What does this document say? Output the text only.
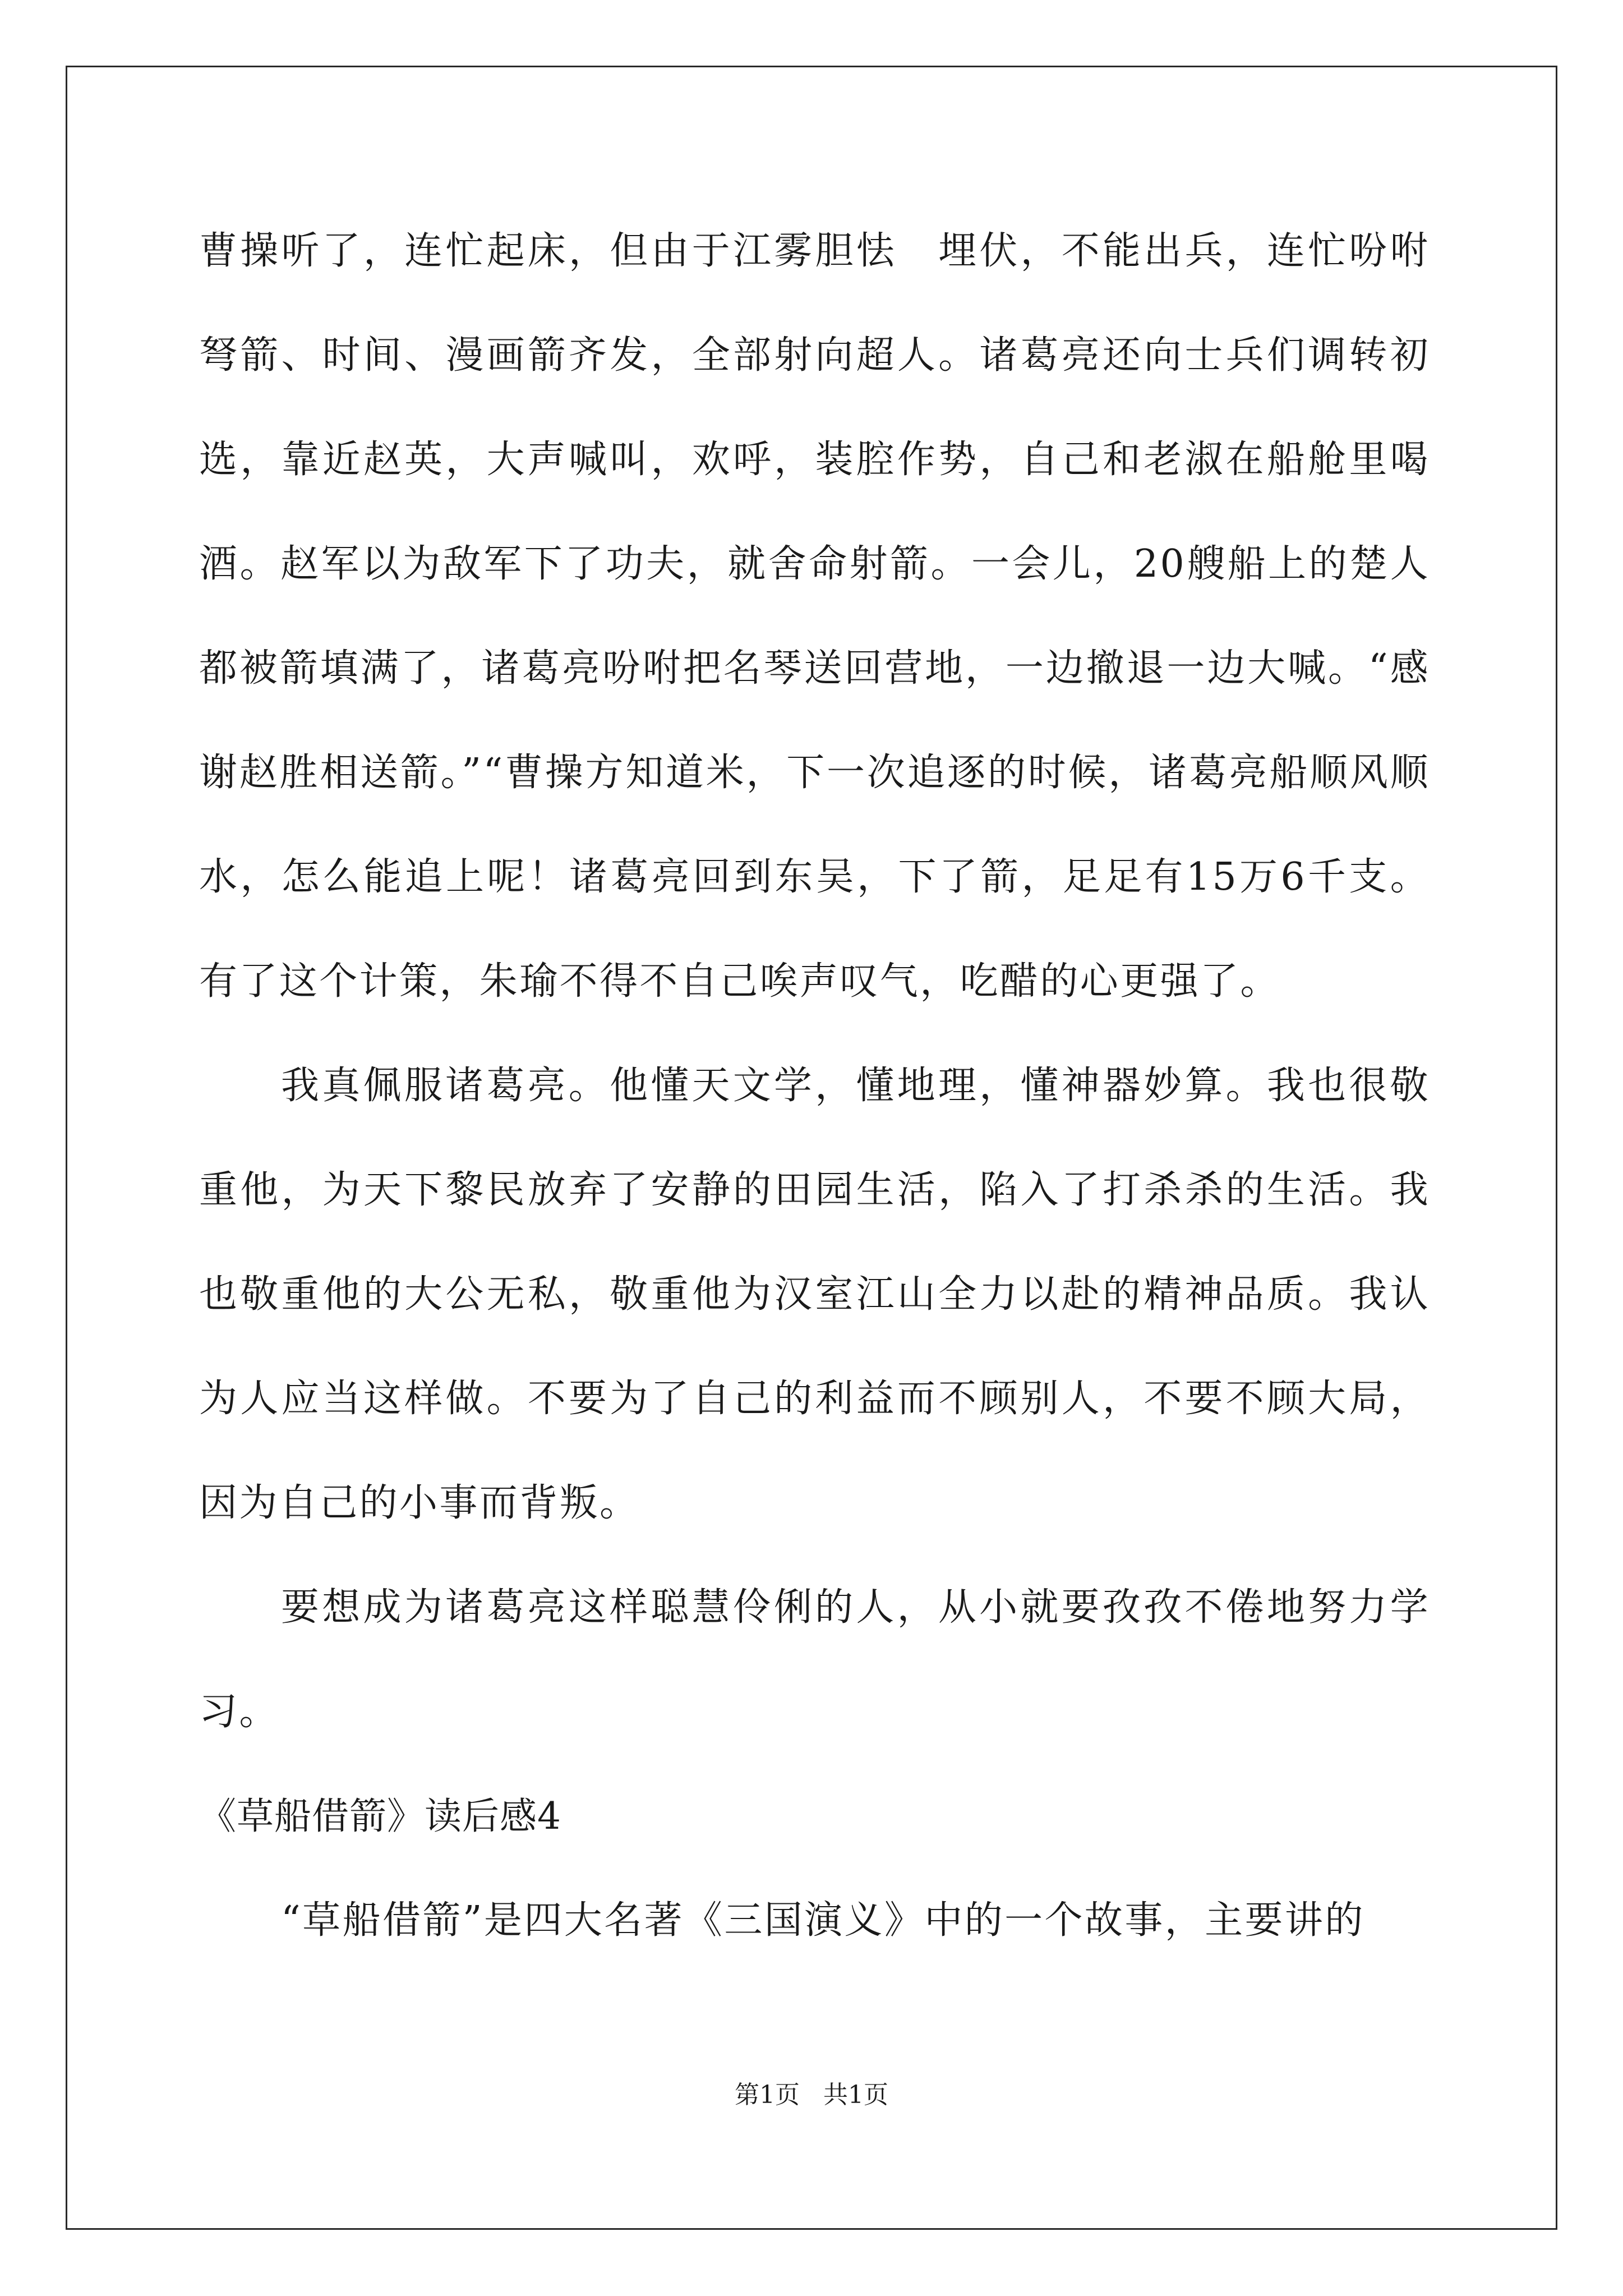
曹操听了，连忙起床，但由于江雾胆怯　埋伏，不能出兵，连忙吩咐弩箭、时间、漫画箭齐发，全部射向超人。诸葛亮还向士兵们调转初选，靠近赵英，大声喊叫，欢呼，装腔作势，自己和老淑在船舱里喝酒。赵军以为敌军下了功夫，就舍命射箭。一会儿，20艘船上的楚人都被箭填满了，诸葛亮吩咐把名琴送回营地，一边撤退一边大喊。“感谢赵胜相送箭。”“曹操方知道米，下一次追逐的时候，诸葛亮船顺风顺水，怎么能追上呢！诸葛亮回到东吴，下了箭，足足有15万6千支。有了这个计策，朱瑜不得不自己唉声叹气，吃醋的心更强了。

我真佩服诸葛亮。他懂天文学，懂地理，懂神器妙算。我也很敬重他，为天下黎民放弃了安静的田园生活，陷入了打杀杀的生活。我也敬重他的大公无私，敬重他为汉室江山全力以赴的精神品质。我认为人应当这样做。不要为了自己的利益而不顾别人，不要不顾大局，因为自己的小事而背叛。

要想成为诸葛亮这样聪慧伶俐的人，从小就要孜孜不倦地努力学习。

《草船借箭》读后感4

“草船借箭”是四大名著《三国演义》中的一个故事，主要讲的

第1页 共1页
